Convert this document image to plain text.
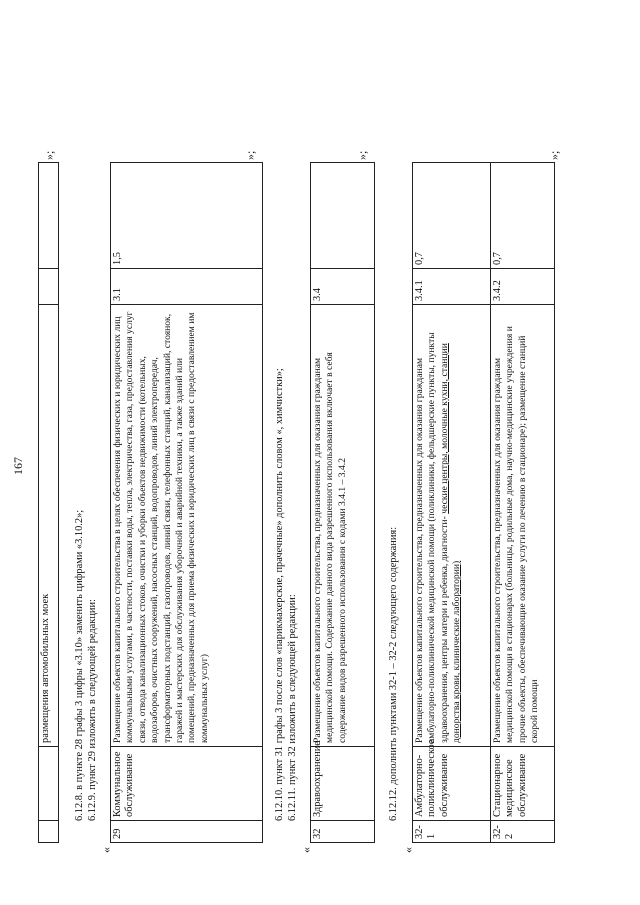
167
		размещения автомобильных моек		
»;
6.12.8. в пункте 28 графы 3 цифры «3.10» заменить цифрами «3.10.2»; 6.12.9. пункт 29 изложить в следующей редакции:
«
29	Коммунальное обслуживание	Размещение объектов капитального строительства в целях обеспечения физических и юридических лиц коммунальными услугами, в частности, поставки воды, тепла, электричества, газа, предоставления услуг связи, отвода канализационных стоков, очистки и уборки объектов недвижимости (котельных, водозаборов, очистных сооружений, насосных станций, водопроводов, линий электропередач, трансформаторных подстанций, газопроводов, линий связи, телефонных станций, канализаций, стоянок, гаражей и мастерских для обслуживания уборочной и аварийной техники, а также зданий или помещений, предназначенных для приема физических и юридических лиц в связи с предоставлением им коммунальных услуг)	3.1	1,5
»;
6.12.10. пункт 31 графы 3 после слов «парикмахерские, прачечные» дополнить словом «, химчистки»; 6.12.11. пункт 32 изложить в следующей редакции:
«
32	Здравоохранение	Размещение объектов капитального строительства, предназначенных для оказания гражданам медицинской помощи. Содержание данного вида разрешенного использования включает в себя содержание видов разрешенного использования с кодами 3.4.1 – 3.4.2	3.4	
»;
6.12.12. дополнить пунктами 32-1 – 32-2 следующего содержания:
«
32-1	Амбулаторно-поликлиническое обслуживание	Размещение объектов капитального строительства, предназначенных для оказания гражданам амбулаторно-поликлинической медицинской помощи (поликлиники, фельдшерские пункты, пункты здравоохранения, центры матери и ребенка, диагности- ческие центры, молочные кухни, станции донорства крови, клинические лаборатории)	3.4.1	0,7
32-2	Стационарное медицинское обслуживание	Размещение объектов капитального строительства, предназначенных для оказания гражданам медицинской помощи в стационарах (больницы, родильные дома, научно-медицинские учреждения и прочие объекты, обеспечивающие оказание услуги по лечению в стационаре); размещение станций скорой помощи	3.4.2	0,7
»;
